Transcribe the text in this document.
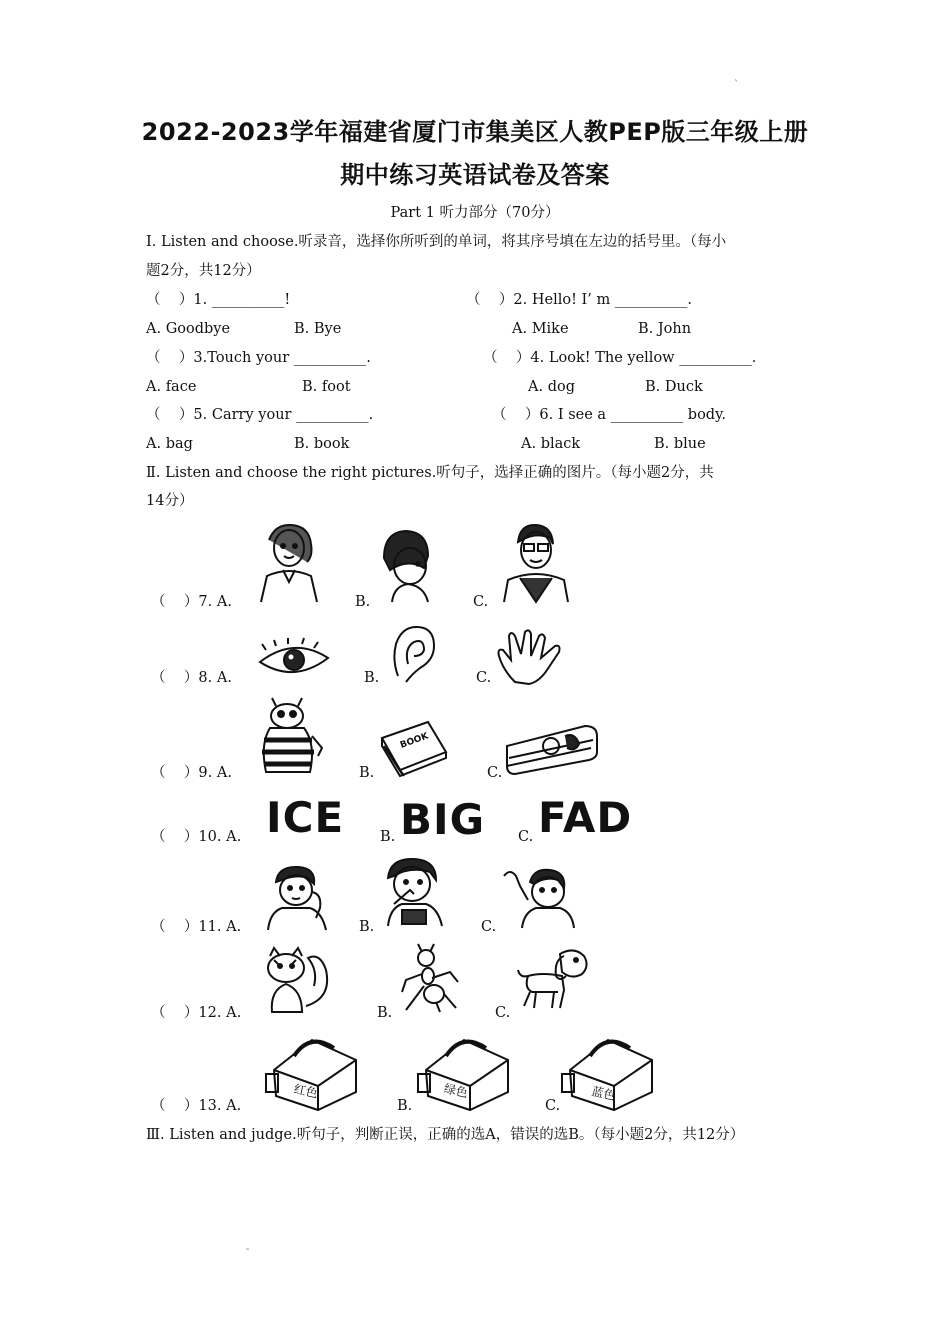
`
2022-2023学年福建省厦门市集美区人教PEP版三年级上册
期中练习英语试卷及答案
Part 1 听力部分（70分）
Ⅰ. Listen and choose.听录音，选择你所听到的单词，将其序号填在左边的括号里。（每小
题2分，共12分）
（    ）1. __________!	（    ）2. Hello! I’ m __________.
A. Goodbye	B. Bye	A. Mike	B. John
（    ）3.Touch your __________.	（    ）4. Look! The yellow __________.
A. face	B. foot	A. dog	B. Duck
（    ）5. Carry your __________.	（    ）6. I see a __________ body.
A. bag	B. book	A. black	B. blue
Ⅱ. Listen and choose the right pictures.听句子，选择正确的图片。（每小题2分，共
14分）
（    ）7. A.	B.	C.
（    ）8. A.	B.	C.
（    ）9. A.	B.	C.
BOOK
（    ）10. A.	B.	C.
ICE BIG FAD
（    ）11. A.	B.	C.
（    ）12. A.	B.	C.
（    ）13. A.	B.	C.
红色	绿色	蓝色
Ⅲ. Listen and judge.听句子，判断正误，正确的选A，错误的选B。（每小题2分，共12分）
-
